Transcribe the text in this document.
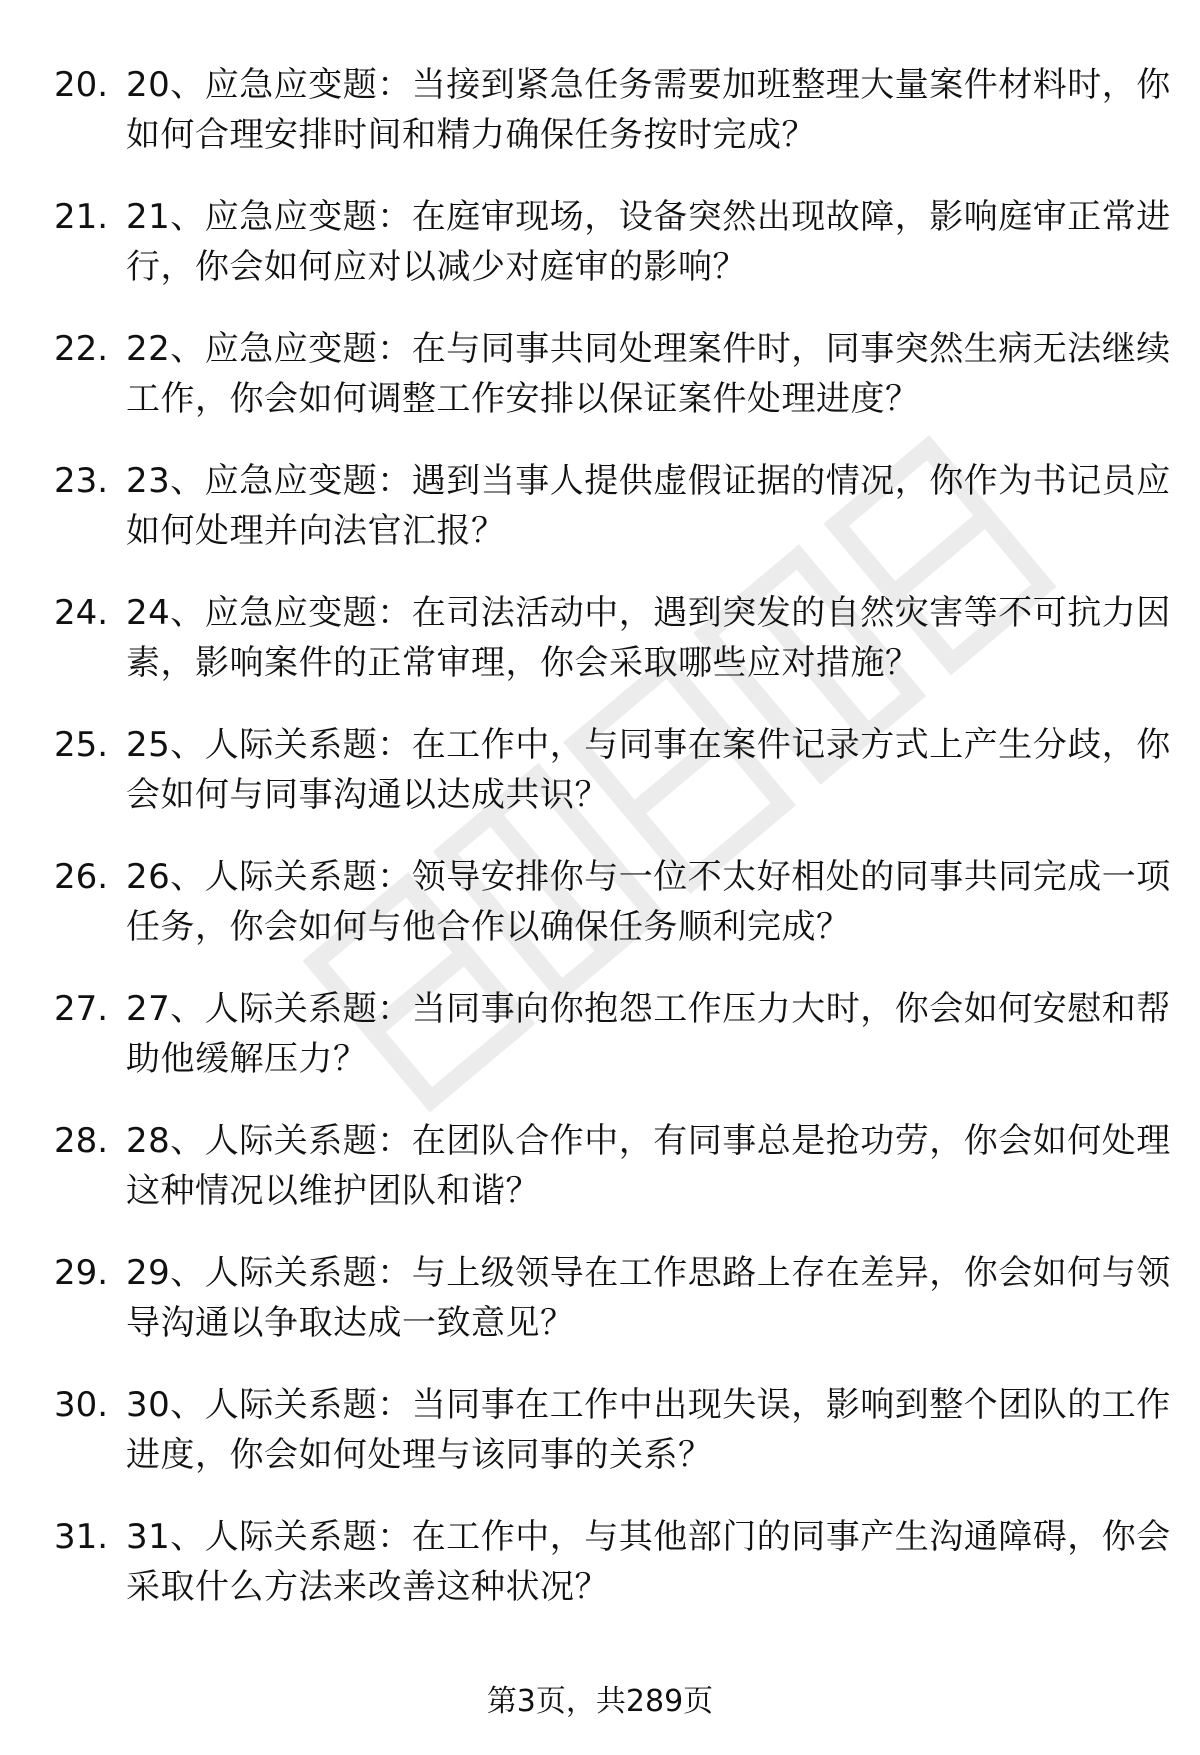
20. 20、应急应变题：当接到紧急任务需要加班整理大量案件材料时，你如何合理安排时间和精力确保任务按时完成？

21. 21、应急应变题：在庭审现场，设备突然出现故障，影响庭审正常进行，你会如何应对以减少对庭审的影响？

22. 22、应急应变题：在与同事共同处理案件时，同事突然生病无法继续工作，你会如何调整工作安排以保证案件处理进度？

23. 23、应急应变题：遇到当事人提供虚假证据的情况，你作为书记员应如何处理并向法官汇报？

24. 24、应急应变题：在司法活动中，遇到突发的自然灾害等不可抗力因素，影响案件的正常审理，你会采取哪些应对措施？

25. 25、人际关系题：在工作中，与同事在案件记录方式上产生分歧，你会如何与同事沟通以达成共识？

26. 26、人际关系题：领导安排你与一位不太好相处的同事共同完成一项任务，你会如何与他合作以确保任务顺利完成？

27. 27、人际关系题：当同事向你抱怨工作压力大时，你会如何安慰和帮助他缓解压力？

28. 28、人际关系题：在团队合作中，有同事总是抢功劳，你会如何处理这种情况以维护团队和谐？

29. 29、人际关系题：与上级领导在工作思路上存在差异，你会如何与领导沟通以争取达成一致意见？

30. 30、人际关系题：当同事在工作中出现失误，影响到整个团队的工作进度，你会如何处理与该同事的关系？

31. 31、人际关系题：在工作中，与其他部门的同事产生沟通障碍，你会采取什么方法来改善这种状况？

第3页，共289页
